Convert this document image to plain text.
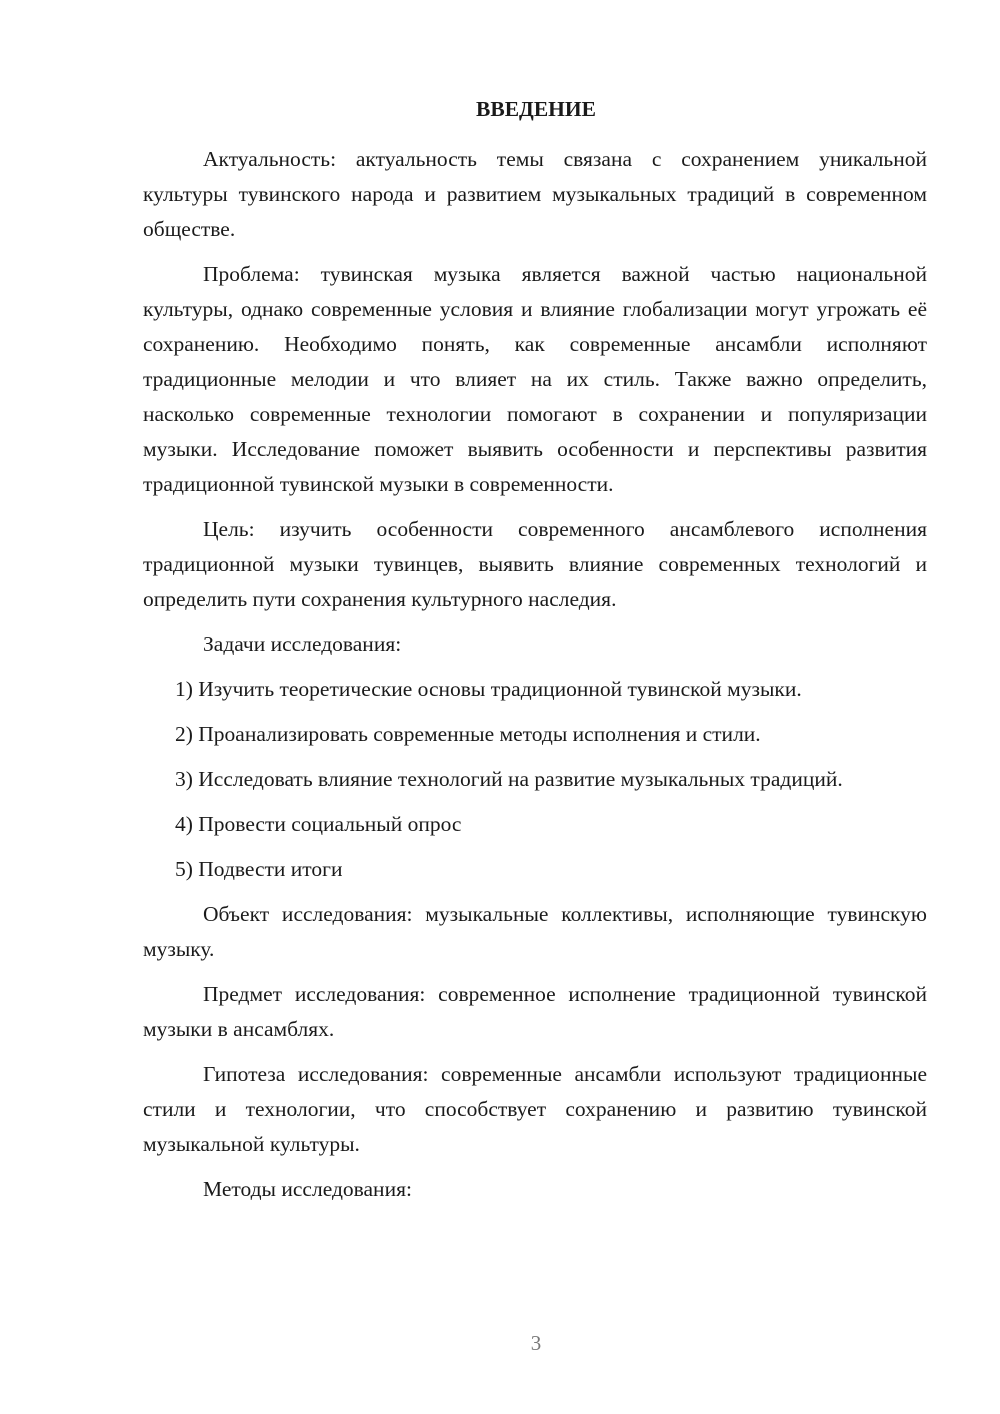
ВВЕДЕНИЕ

Актуальность: актуальность темы связана с сохранением уникальной культуры тувинского народа и развитием музыкальных традиций в современном обществе.

Проблема: тувинская музыка является важной частью национальной культуры, однако современные условия и влияние глобализации могут угрожать её сохранению. Необходимо понять, как современные ансамбли исполняют традиционные мелодии и что влияет на их стиль. Также важно определить, насколько современные технологии помогают в сохранении и популяризации музыки. Исследование поможет выявить особенности и перспективы развития традиционной тувинской музыки в современности.

Цель: изучить особенности современного ансамблевого исполнения традиционной музыки тувинцев, выявить влияние современных технологий и определить пути сохранения культурного наследия.

Задачи исследования:

1) Изучить теоретические основы традиционной тувинской музыки.

2) Проанализировать современные методы исполнения и стили.

3) Исследовать влияние технологий на развитие музыкальных традиций.

4) Провести социальный опрос

5) Подвести итоги

Объект исследования: музыкальные коллективы, исполняющие тувинскую музыку.

Предмет исследования: современное исполнение традиционной тувинской музыки в ансамблях.

Гипотеза исследования: современные ансамбли используют традиционные стили и технологии, что способствует сохранению и развитию тувинской музыкальной культуры.

Методы исследования:

3
